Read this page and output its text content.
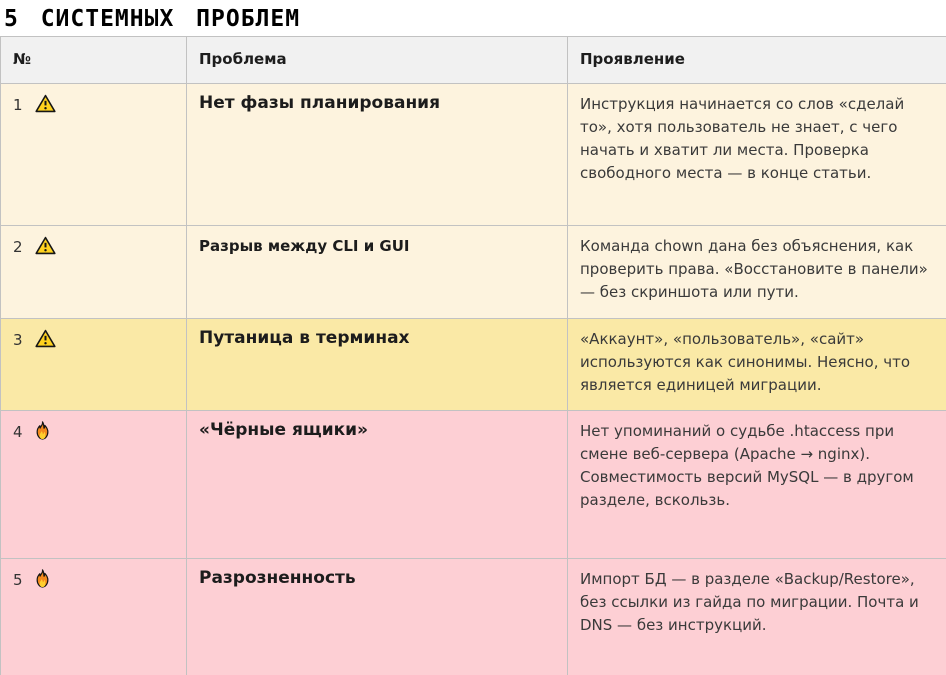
5 СИСТЕМНЫХ ПРОБЛЕМ
№	Проблема	Проявление
1	Нет фазы планирования	Инструкция начинается со слов «сделай то», хотя пользователь не знает, с чего начать и хватит ли места. Проверка свободного места — в конце статьи.
2	Разрыв между CLI и GUI	Команда chown дана без объяснения, как проверить права. «Восстановите в панели» — без скриншота или пути.
3	Путаница в терминах	«Аккаунт», «пользователь», «сайт» используются как синонимы. Неясно, что является единицей миграции.
4	«Чёрные ящики»	Нет упоминаний о судьбе .htaccess при смене веб-сервера (Apache → nginx). Совместимость версий MySQL — в другом разделе, вскользь.
5	Разрозненность	Импорт БД — в разделе «Backup/Restore», без ссылки из гайда по миграции. Почта и DNS — без инструкций.
